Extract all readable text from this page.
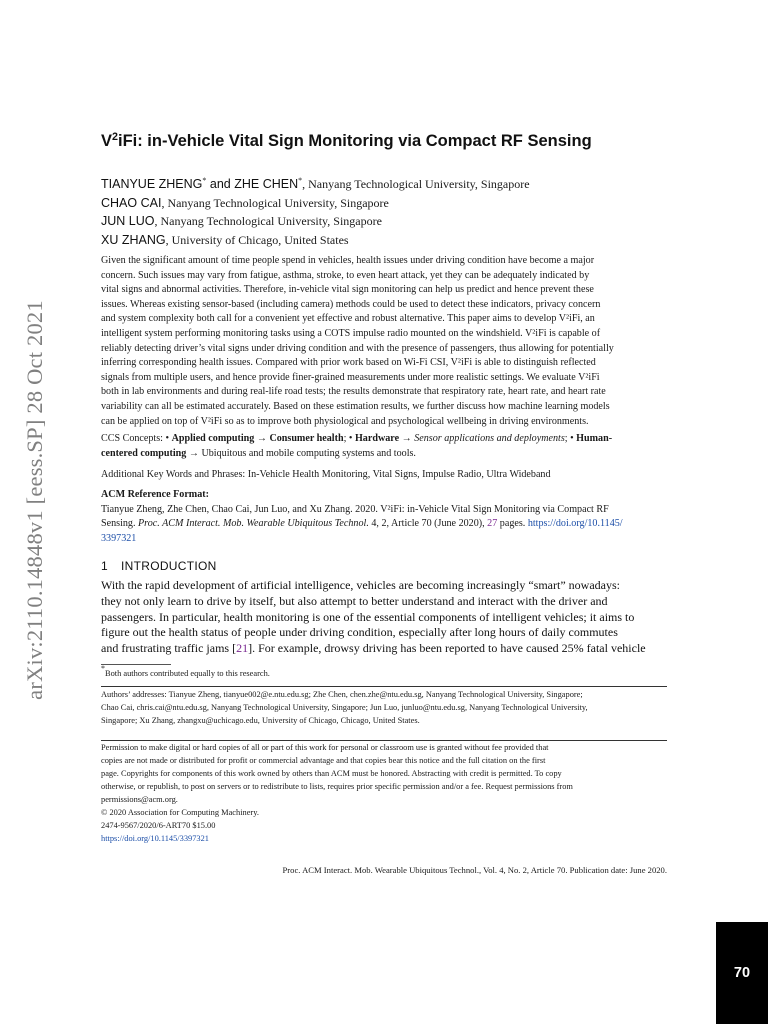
arXiv:2110.14848v1 [eess.SP] 28 Oct 2021
$V^2iFi$: in-Vehicle Vital Sign Monitoring via Compact RF Sensing
TIANYUE ZHENG* and ZHE CHEN*, Nanyang Technological University, Singapore
CHAO CAI, Nanyang Technological University, Singapore
JUN LUO, Nanyang Technological University, Singapore
XU ZHANG, University of Chicago, United States
Given the significant amount of time people spend in vehicles, health issues under driving condition have become a major
concern. Such issues may vary from fatigue, asthma, stroke, to even heart attack, yet they can be adequately indicated by
vital signs and abnormal activities. Therefore, in-vehicle vital sign monitoring can help us predict and hence prevent these
issues. Whereas existing sensor-based (including camera) methods could be used to detect these indicators, privacy concern
and system complexity both call for a convenient yet effective and robust alternative. This paper aims to develop V²iFi, an
intelligent system performing monitoring tasks using a COTS impulse radio mounted on the windshield. V²iFi is capable of
reliably detecting driver’s vital signs under driving condition and with the presence of passengers, thus allowing for potentially
inferring corresponding health issues. Compared with prior work based on Wi-Fi CSI, V²iFi is able to distinguish reflected
signals from multiple users, and hence provide finer-grained measurements under more realistic settings. We evaluate V²iFi
both in lab environments and during real-life road tests; the results demonstrate that respiratory rate, heart rate, and heart rate
variability can all be estimated accurately. Based on these estimation results, we further discuss how machine learning models
can be applied on top of V²iFi so as to improve both physiological and psychological wellbeing in driving environments.
CCS Concepts: • Applied computing → Consumer health; • Hardware → Sensor applications and deployments; • Human-
centered computing → Ubiquitous and mobile computing systems and tools.
Additional Key Words and Phrases: In-Vehicle Health Monitoring, Vital Signs, Impulse Radio, Ultra Wideband
ACM Reference Format:
Tianyue Zheng, Zhe Chen, Chao Cai, Jun Luo, and Xu Zhang. 2020. V²iFi: in-Vehicle Vital Sign Monitoring via Compact RF
Sensing. Proc. ACM Interact. Mob. Wearable Ubiquitous Technol. 4, 2, Article 70 (June 2020), 27 pages. https://doi.org/10.1145/
3397321
1 INTRODUCTION
With the rapid development of artificial intelligence, vehicles are becoming increasingly “smart” nowadays:
they not only learn to drive by itself, but also attempt to better understand and interact with the driver and
passengers. In particular, health monitoring is one of the essential components of intelligent vehicles; it aims to
figure out the health status of people under driving condition, especially after long hours of daily commutes
and frustrating traffic jams [21]. For example, drowsy driving has been reported to have caused 25% fatal vehicle
*Both authors contributed equally to this research.
Authors’ addresses: Tianyue Zheng, tianyue002@e.ntu.edu.sg; Zhe Chen, chen.zhe@ntu.edu.sg, Nanyang Technological University, Singapore;
Chao Cai, chris.cai@ntu.edu.sg, Nanyang Technological University, Singapore; Jun Luo, junluo@ntu.edu.sg, Nanyang Technological University,
Singapore; Xu Zhang, zhangxu@uchicago.edu, University of Chicago, Chicago, United States.
Permission to make digital or hard copies of all or part of this work for personal or classroom use is granted without fee provided that
copies are not made or distributed for profit or commercial advantage and that copies bear this notice and the full citation on the first
page. Copyrights for components of this work owned by others than ACM must be honored. Abstracting with credit is permitted. To copy
otherwise, or republish, to post on servers or to redistribute to lists, requires prior specific permission and/or a fee. Request permissions from
permissions@acm.org.
© 2020 Association for Computing Machinery.
2474-9567/2020/6-ART70 $15.00
https://doi.org/10.1145/3397321
Proc. ACM Interact. Mob. Wearable Ubiquitous Technol., Vol. 4, No. 2, Article 70. Publication date: June 2020.
70
